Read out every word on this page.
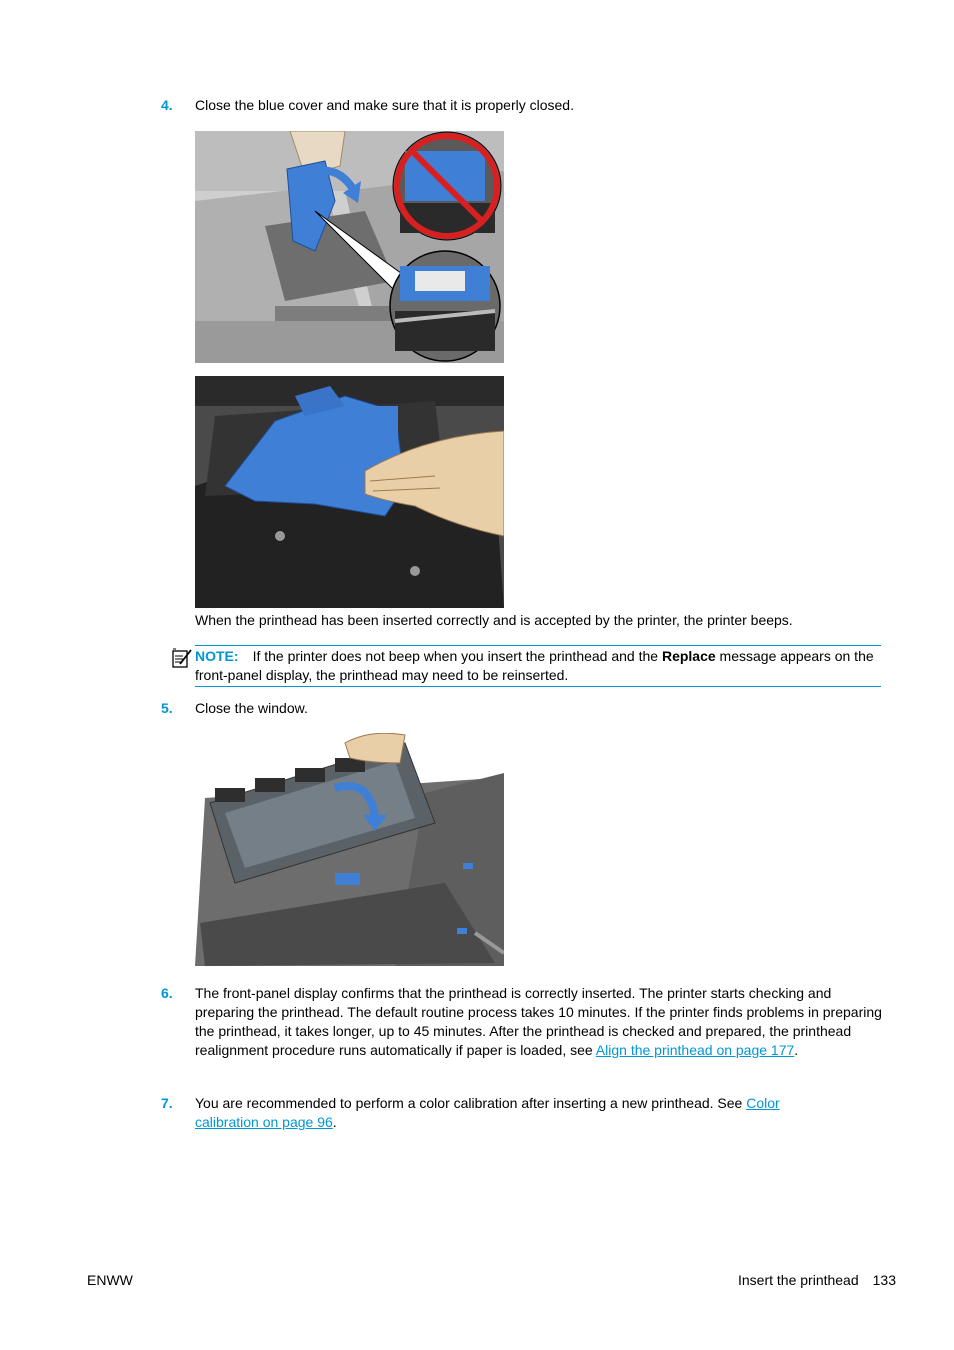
4. Close the blue cover and make sure that it is properly closed.
When the printhead has been inserted correctly and is accepted by the printer, the printer beeps.
NOTE: If the printer does not beep when you insert the printhead and the Replace message appears on the front-panel display, the printhead may need to be reinserted.
5. Close the window.
6. The front-panel display confirms that the printhead is correctly inserted. The printer starts checking and preparing the printhead. The default routine process takes 10 minutes. If the printer finds problems in preparing the printhead, it takes longer, up to 45 minutes. After the printhead is checked and prepared, the printhead realignment procedure runs automatically if paper is loaded, see Align the printhead on page 177.
7. You are recommended to perform a color calibration after inserting a new printhead. See Color calibration on page 96.
ENWW	Insert the printhead 133
